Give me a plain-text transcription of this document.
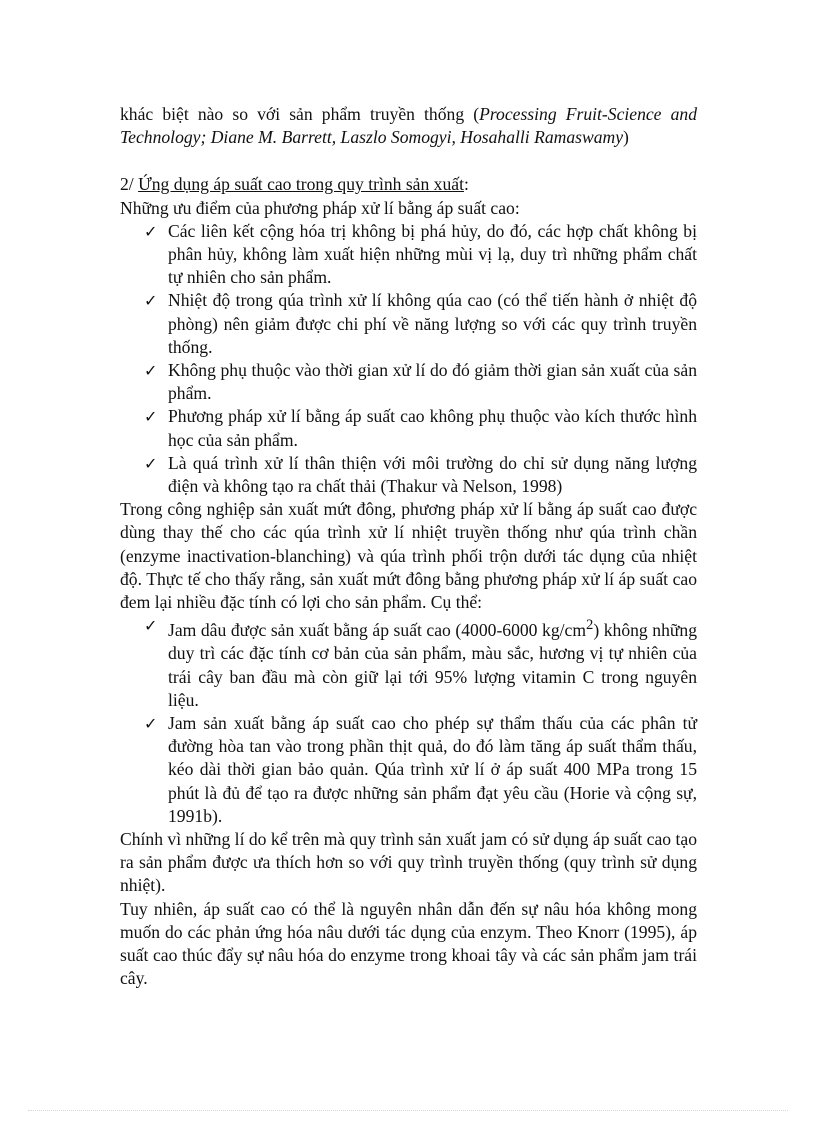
khác biệt nào so với sản phẩm truyền thống (Processing Fruit-Science and Technology; Diane M. Barrett, Laszlo Somogyi, Hosahalli Ramaswamy)

2/ Ứng dụng áp suất cao trong quy trình sản xuất:

Những ưu điểm của phương pháp xử lí bằng áp suất cao:

✓ Các liên kết cộng hóa trị không bị phá hủy, do đó, các hợp chất không bị phân hủy, không làm xuất hiện những mùi vị lạ, duy trì những phẩm chất tự nhiên cho sản phẩm.
✓ Nhiệt độ trong qúa trình xử lí không qúa cao (có thể tiến hành ở nhiệt độ phòng) nên giảm được chi phí về năng lượng so với các quy trình truyền thống.
✓ Không phụ thuộc vào thời gian xử lí do đó giảm thời gian sản xuất của sản phẩm.
✓ Phương pháp xử lí bằng áp suất cao không phụ thuộc vào kích thước hình học của sản phẩm.
✓ Là quá trình xử lí thân thiện với môi trường do chỉ sử dụng năng lượng điện và không tạo ra chất thải (Thakur và Nelson, 1998)

Trong công nghiệp sản xuất mứt đông, phương pháp xử lí bằng áp suất cao được dùng thay thế cho các qúa trình xử lí nhiệt truyền thống như qúa trình chần (enzyme inactivation-blanching) và qúa trình phối trộn dưới tác dụng của nhiệt độ. Thực tế cho thấy rằng, sản xuất mứt đông bằng phương pháp xử lí áp suất cao đem lại nhiều đặc tính có lợi cho sản phẩm. Cụ thể:

✓ Jam dâu được sản xuất bằng áp suất cao (4000-6000 $kg/cm^2$) không những duy trì các đặc tính cơ bản của sản phẩm, màu sắc, hương vị tự nhiên của trái cây ban đầu mà còn giữ lại tới 95% lượng vitamin C trong nguyên liệu.
✓ Jam sản xuất bằng áp suất cao cho phép sự thẩm thấu của các phân tử đường hòa tan vào trong phần thịt quả, do đó làm tăng áp suất thẩm thấu, kéo dài thời gian bảo quản. Qúa trình xử lí ở áp suất 400 MPa trong 15 phút là đủ để tạo ra được những sản phẩm đạt yêu cầu (Horie và cộng sự, 1991b).

Chính vì những lí do kể trên mà quy trình sản xuất jam có sử dụng áp suất cao tạo ra sản phẩm được ưa thích hơn so với quy trình truyền thống (quy trình sử dụng nhiệt).

Tuy nhiên, áp suất cao có thể là nguyên nhân dẫn đến sự nâu hóa không mong muốn do các phản ứng hóa nâu dưới tác dụng của enzym. Theo Knorr (1995), áp suất cao thúc đẩy sự nâu hóa do enzyme trong khoai tây và các sản phẩm jam trái cây.
